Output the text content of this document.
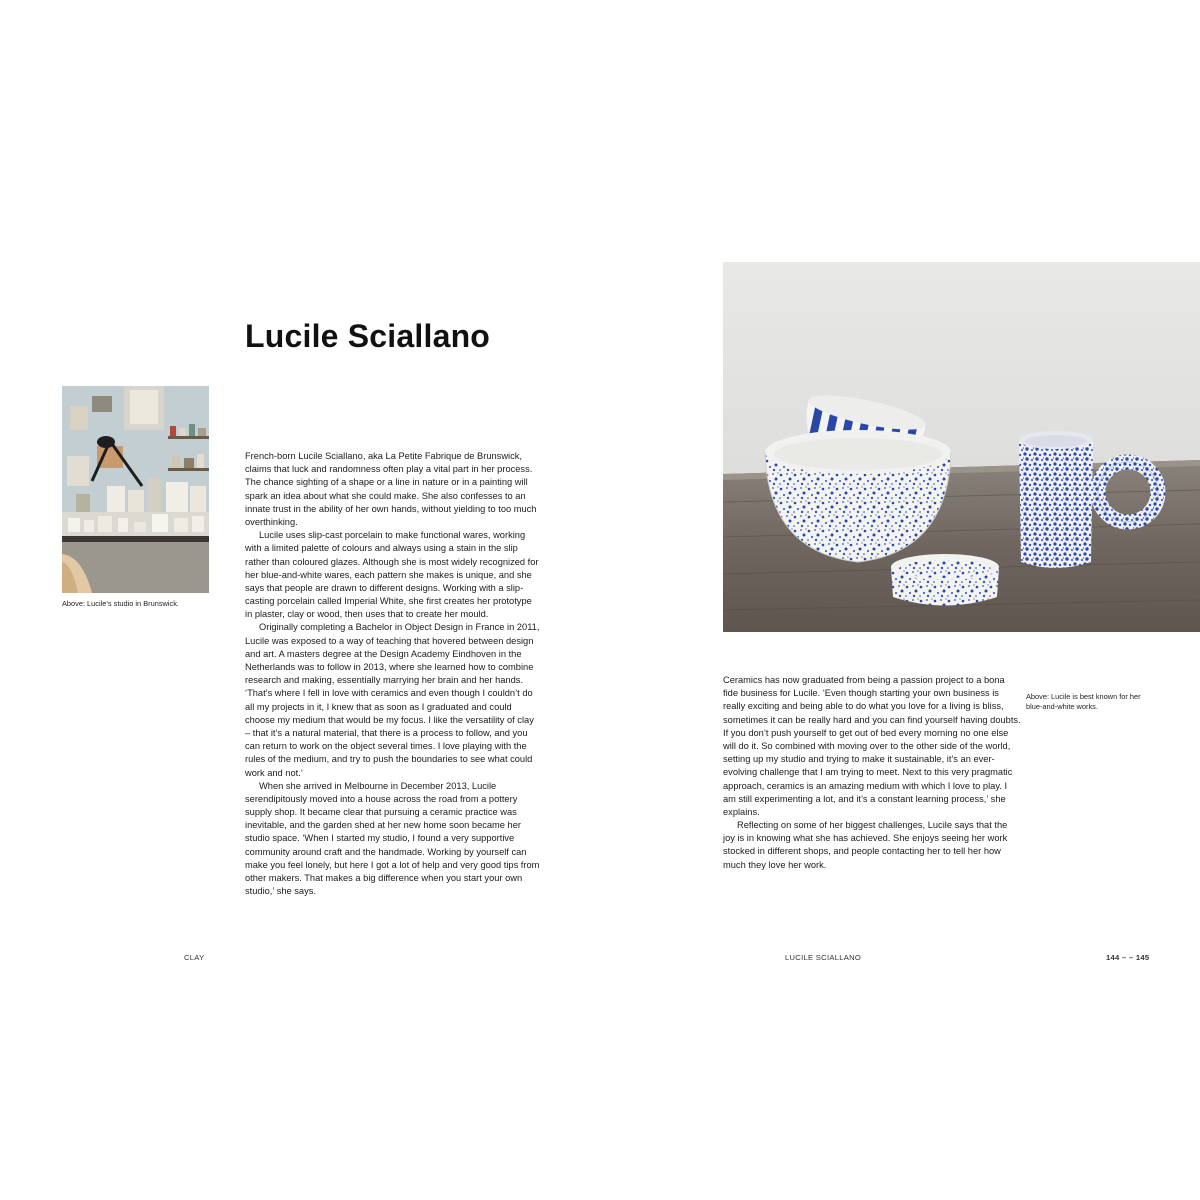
Lucile Sciallano
Above: Lucile’s studio in Brunswick.

French-born Lucile Sciallano, aka La Petite Fabrique de Brunswick, claims that luck and randomness often play a vital part in her process. The chance sighting of a shape or a line in nature or in a painting will spark an idea about what she could make. She also confesses to an innate trust in the ability of her own hands, without yielding to too much overthinking.

Lucile uses slip-cast porcelain to make functional wares, working with a limited palette of colours and always using a stain in the slip rather than coloured glazes. Although she is most widely recognized for her blue-and-white wares, each pattern she makes is unique, and she says that people are drawn to different designs. Working with a slip-casting porcelain called Imperial White, she first creates her prototype in plaster, clay or wood, then uses that to create her mould.

Originally completing a Bachelor in Object Design in France in 2011, Lucile was exposed to a way of teaching that hovered between design and art. A masters degree at the Design Academy Eindhoven in the Netherlands was to follow in 2013, where she learned how to combine research and making, essentially marrying her brain and her hands. ‘That’s where I fell in love with ceramics and even though I couldn’t do all my projects in it, I knew that as soon as I graduated and could choose my medium that would be my focus. I like the versatility of clay – that it’s a natural material, that there is a process to follow, and you can return to work on the object several times. I love playing with the rules of the medium, and try to push the boundaries to see what could work and not.’

When she arrived in Melbourne in December 2013, Lucile serendipitously moved into a house across the road from a pottery supply shop. It became clear that pursuing a ceramic practice was inevitable, and the garden shed at her new home soon became her studio space. ‘When I started my studio, I found a very supportive community around craft and the handmade. Working by yourself can make you feel lonely, but here I got a lot of help and very good tips from other makers. That makes a big difference when you start your own studio,’ she says.

CLAY
Above: Lucile is best known for her blue-and-white works.

Ceramics has now graduated from being a passion project to a bona fide business for Lucile. ‘Even though starting your own business is really exciting and being able to do what you love for a living is bliss, sometimes it can be really hard and you can find yourself having doubts. If you don’t push yourself to get out of bed every morning no one else will do it. So combined with moving over to the other side of the world, setting up my studio and trying to make it sustainable, it’s an ever-evolving challenge that I am trying to meet. Next to this very pragmatic approach, ceramics is an amazing medium with which I love to play. I am still experimenting a lot, and it’s a constant learning process,’ she explains.

Reflecting on some of her biggest challenges, Lucile says that the joy is in knowing what she has achieved. She enjoys seeing her work stocked in different shops, and people contacting her to tell her how much they love her work.

LUCILE SCIALLANO	144 – – 145
